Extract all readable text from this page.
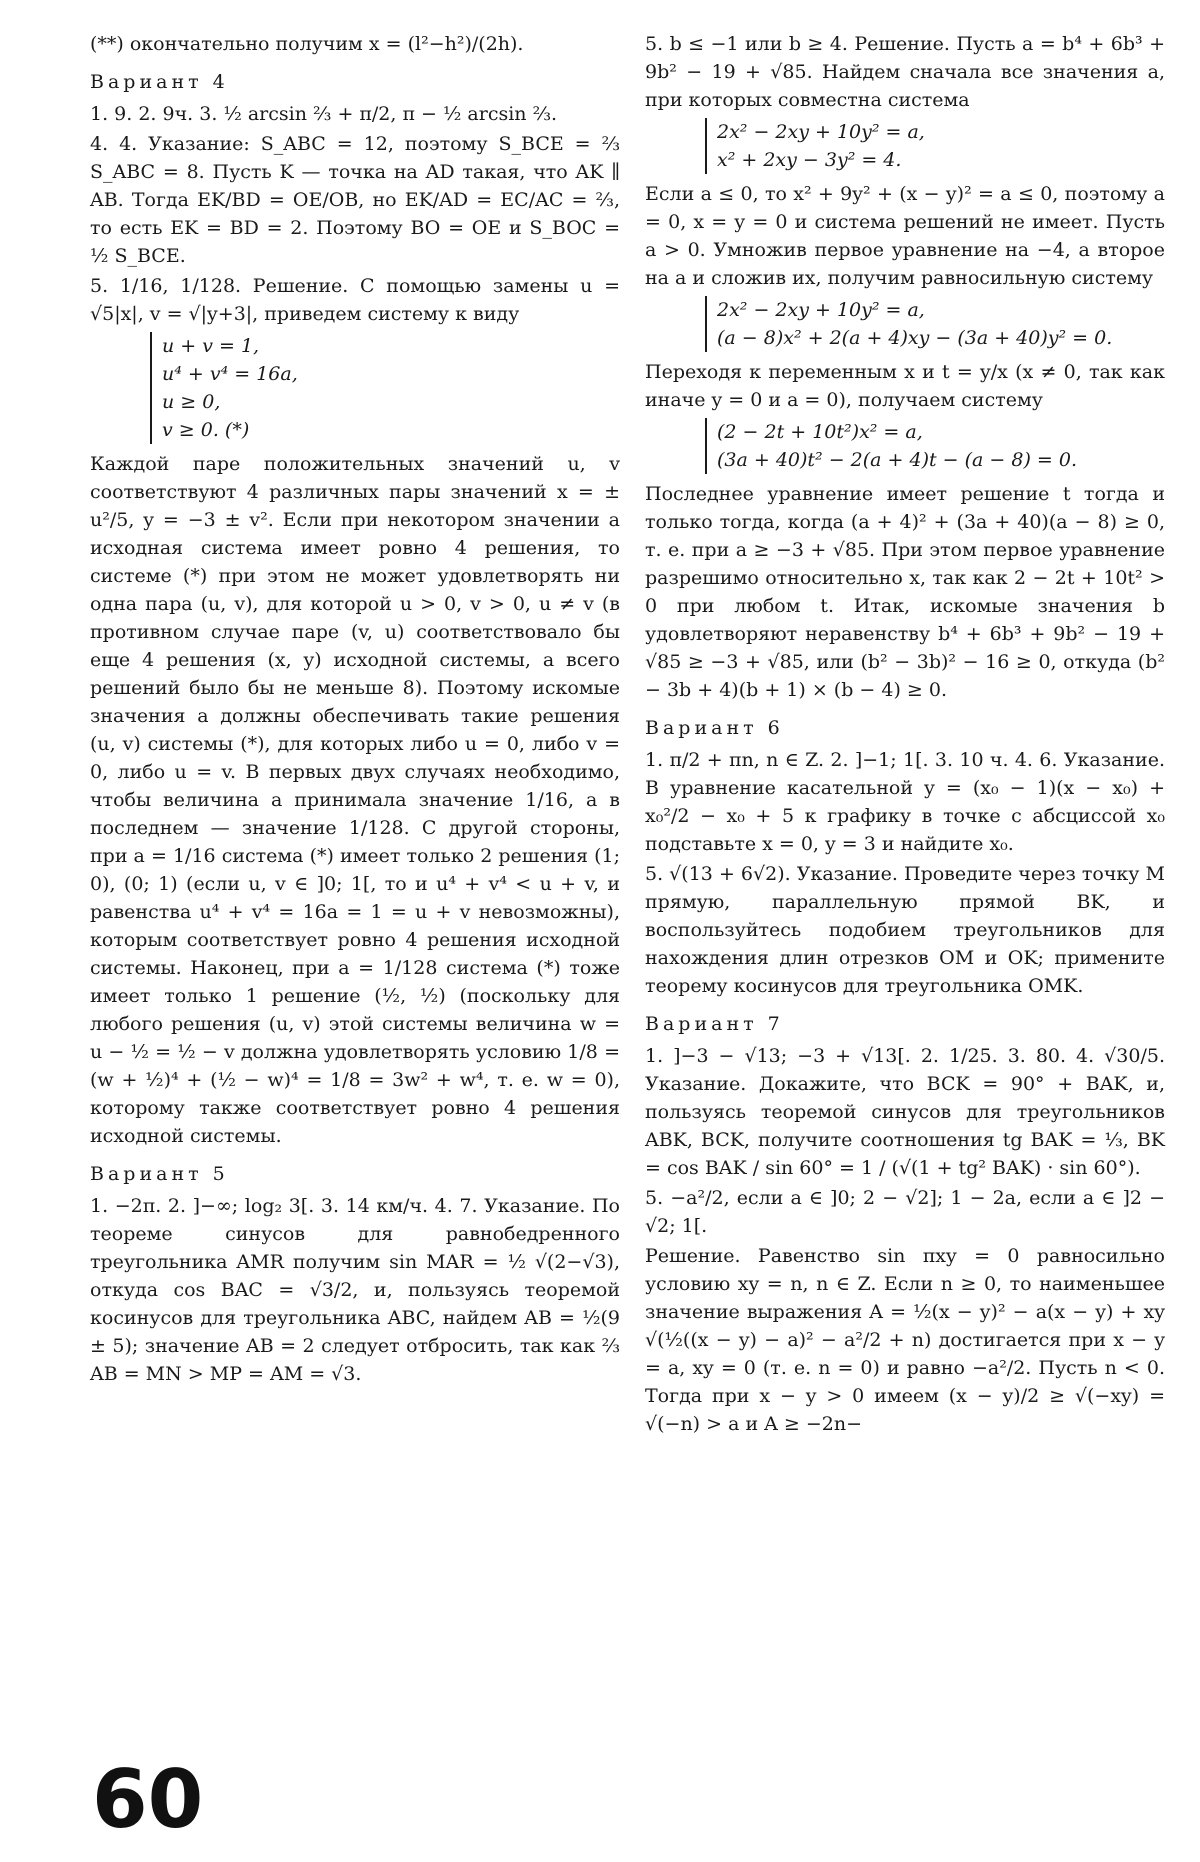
(**) окончательно получим x = (l²−h²)/(2h).

Вариант 4

1. 9. 2. 9ч. 3. ½ arcsin ⅔ + π/2, π − ½ arcsin ⅔.

4. 4. Указание: S_ABC = 12, поэтому S_BCE = ⅔ S_ABC = 8. Пусть K — точка на AD такая, что AK ∥ AB. Тогда EK/BD = OE/OB, но EK/AD = EC/AC = ⅔, то есть EK = BD = 2. Поэтому BO = OE и S_BOC = ½ S_BCE.

5. 1/16, 1/128. Решение. С помощью замены u = √5|x|, v = √|y+3|, приведем систему к виду

u + v = 1,
u⁴ + v⁴ = 16a,
u ≥ 0,
v ≥ 0. (*)

Каждой паре положительных значений u, v соответствуют 4 различных пары значений x = ± u²/5, y = −3 ± v². Если при некотором значении a исходная система имеет ровно 4 решения, то системе (*) при этом не может удовлетворять ни одна пара (u, v), для которой u > 0, v > 0, u ≠ v (в противном случае паре (v, u) соответствовало бы еще 4 решения (x, y) исходной системы, а всего решений было бы не меньше 8). Поэтому искомые значения a должны обеспечивать такие решения (u, v) системы (*), для которых либо u = 0, либо v = 0, либо u = v. В первых двух случаях необходимо, чтобы величина a принимала значение 1/16, а в последнем — значение 1/128. С другой стороны, при a = 1/16 система (*) имеет только 2 решения (1; 0), (0; 1) (если u, v ∈ ]0; 1[, то и u⁴ + v⁴ < u + v, и равенства u⁴ + v⁴ = 16a = 1 = u + v невозможны), которым соответствует ровно 4 решения исходной системы. Наконец, при a = 1/128 система (*) тоже имеет только 1 решение (½, ½) (поскольку для любого решения (u, v) этой системы величина w = u − ½ = ½ − v должна удовлетворять условию 1/8 = (w + ½)⁴ + (½ − w)⁴ = 1/8 = 3w² + w⁴, т. е. w = 0), которому также соответствует ровно 4 решения исходной системы.

Вариант 5

1. −2π. 2. ]−∞; log₂ 3[. 3. 14 км/ч. 4. 7. Указание. По теореме синусов для равнобедренного треугольника AMR получим sin MAR = ½ √(2−√3), откуда cos BAC = √3/2, и, пользуясь теоремой косинусов для треугольника ABC, найдем AB = ½(9 ± 5); значение AB = 2 следует отбросить, так как ⅔ AB = MN > MP = AM = √3.

5. b ≤ −1 или b ≥ 4. Решение. Пусть a = b⁴ + 6b³ + 9b² − 19 + √85. Найдем сначала все значения a, при которых совместна система

2x² − 2xy + 10y² = a,
x² + 2xy − 3y² = 4.

Если a ≤ 0, то x² + 9y² + (x − y)² = a ≤ 0, поэтому a = 0, x = y = 0 и система решений не имеет. Пусть a > 0. Умножив первое уравнение на −4, а второе на a и сложив их, получим равносильную систему

2x² − 2xy + 10y² = a,
(a − 8)x² + 2(a + 4)xy − (3a + 40)y² = 0.

Переходя к переменным x и t = y/x (x ≠ 0, так как иначе y = 0 и a = 0), получаем систему

(2 − 2t + 10t²)x² = a,
(3a + 40)t² − 2(a + 4)t − (a − 8) = 0.

Последнее уравнение имеет решение t тогда и только тогда, когда (a + 4)² + (3a + 40)(a − 8) ≥ 0, т. е. при a ≥ −3 + √85. При этом первое уравнение разрешимо относительно x, так как 2 − 2t + 10t² > 0 при любом t. Итак, искомые значения b удовлетворяют неравенству b⁴ + 6b³ + 9b² − 19 + √85 ≥ −3 + √85, или (b² − 3b)² − 16 ≥ 0, откуда (b² − 3b + 4)(b + 1) × (b − 4) ≥ 0.

Вариант 6

1. π/2 + πn, n ∈ Z. 2. ]−1; 1[. 3. 10 ч. 4. 6. Указание. В уравнение касательной y = (x₀ − 1)(x − x₀) + x₀²/2 − x₀ + 5 к графику в точке с абсциссой x₀ подставьте x = 0, y = 3 и найдите x₀.

5. √(13 + 6√2). Указание. Проведите через точку M прямую, параллельную прямой BK, и воспользуйтесь подобием треугольников для нахождения длин отрезков OM и OK; примените теорему косинусов для треугольника OMK.

Вариант 7

1. ]−3 − √13; −3 + √13[. 2. 1/25. 3. 80. 4. √30/5. Указание. Докажите, что BCK = 90° + BAK, и, пользуясь теоремой синусов для треугольников ABK, BCK, получите соотношения tg BAK = ⅓, BK = cos BAK / sin 60° = 1 / (√(1 + tg² BAK) · sin 60°).

5. −a²/2, если a ∈ ]0; 2 − √2]; 1 − 2a, если a ∈ ]2 − √2; 1[.

Решение. Равенство sin πxy = 0 равносильно условию xy = n, n ∈ Z. Если n ≥ 0, то наименьшее значение выражения A = ½(x − y)² − a(x − y) + xy √(½((x − y) − a)² − a²/2 + n) достигается при x − y = a, xy = 0 (т. е. n = 0) и равно −a²/2. Пусть n < 0. Тогда при x − y > 0 имеем (x − y)/2 ≥ √(−xy) = √(−n) > a и A ≥ −2n−

60
